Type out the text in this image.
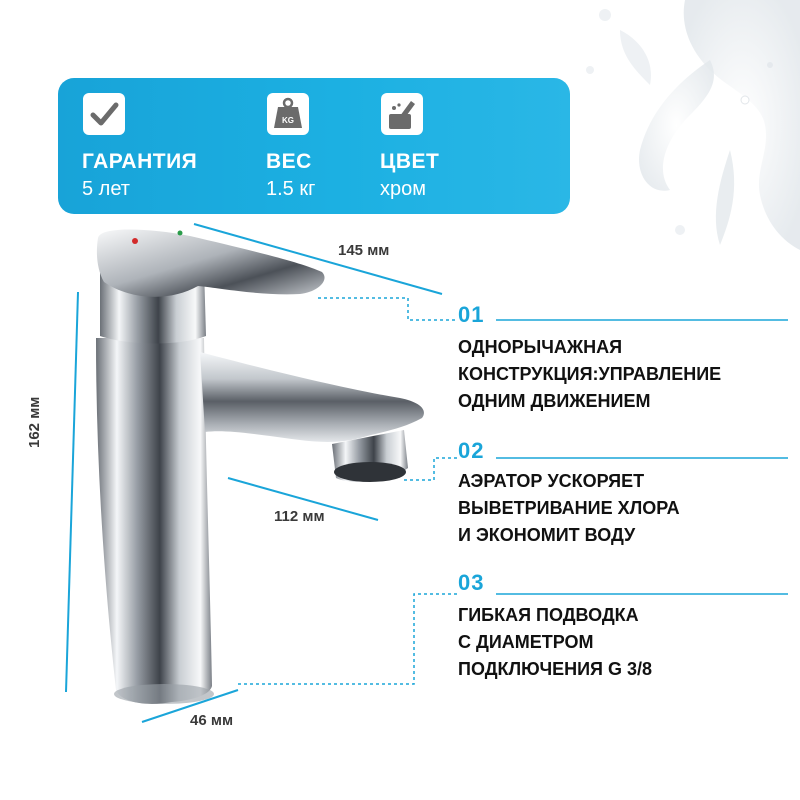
ГАРАНТИЯ
5 лет
KG
ВЕС
1.5 кг
ЦВЕТ
хром
145 мм
162 мм
112 мм
46 мм
01
ОДНОРЫЧАЖНАЯ
КОНСТРУКЦИЯ:УПРАВЛЕНИЕ
ОДНИМ ДВИЖЕНИЕМ
02
АЭРАТОР УСКОРЯЕТ
ВЫВЕТРИВАНИЕ ХЛОРА
И ЭКОНОМИТ ВОДУ
03
ГИБКАЯ ПОДВОДКА
С ДИАМЕТРОМ
ПОДКЛЮЧЕНИЯ G 3/8
